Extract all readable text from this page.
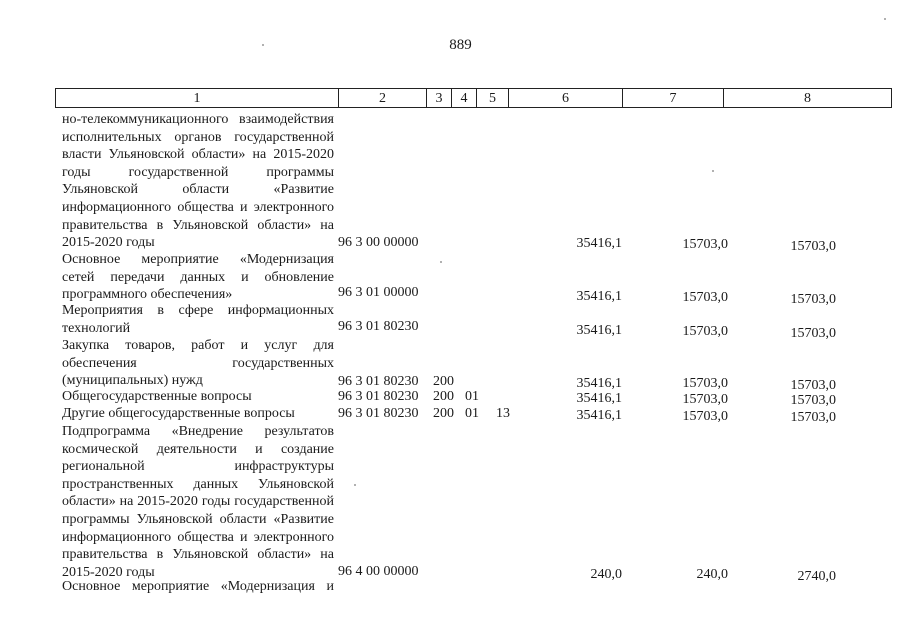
889
1	2	3	4	5	6	7	8
но-телекоммуникационного взаимодействия исполнительных органов государственной власти Ульяновской области» на 2015-2020 годы государственной программы Ульяновской области «Развитие информационного общества и электронного правительства в Ульяновской области» на 2015-2020 годы	96 3 00 00000	35416,1	15703,0	15703,0
Основное мероприятие «Модернизация сетей передачи данных и обновление программного обеспечения»	96 3 01 00000	35416,1	15703,0	15703,0
Мероприятия в сфере информационных технологий	96 3 01 80230	35416,1	15703,0	15703,0
Закупка товаров, работ и услуг для обеспечения государственных (муниципальных) нужд	96 3 01 80230 200	35416,1	15703,0	15703,0
Общегосударственные вопросы	96 3 01 80230 200 01	35416,1	15703,0	15703,0
Другие общегосударственные вопросы	96 3 01 80230 200 01 13	35416,1	15703,0	15703,0
Подпрограмма «Внедрение результатов космической деятельности и создание региональной инфраструктуры пространственных данных Ульяновской области» на 2015-2020 годы государственной программы Ульяновской области «Развитие информационного общества и электронного правительства в Ульяновской области» на 2015-2020 годы	96 4 00 00000	240,0	240,0	2740,0
Основное мероприятие «Модернизация и
